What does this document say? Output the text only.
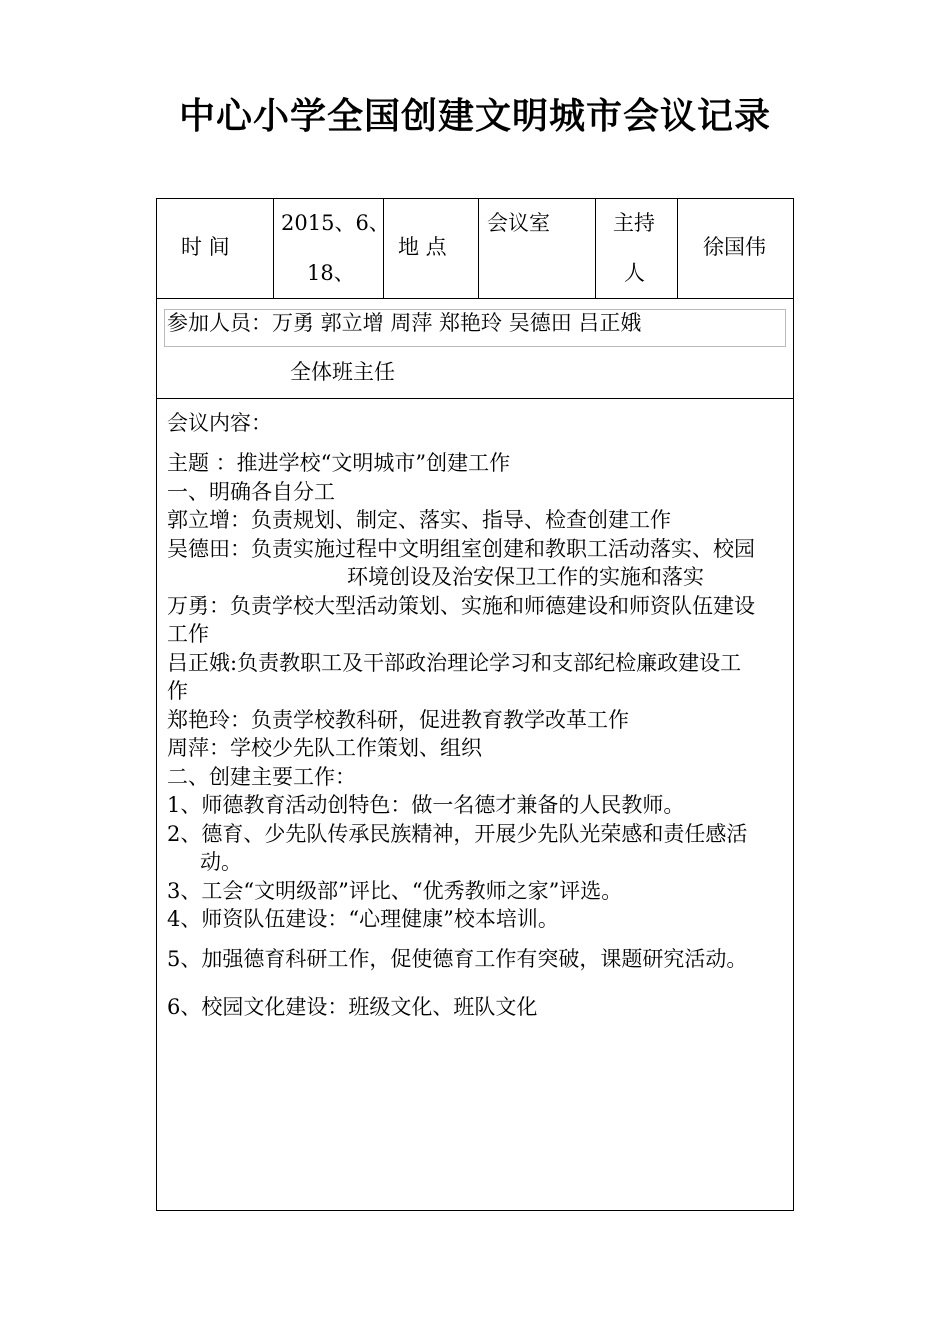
中心小学全国创建文明城市会议记录
时 间
2015、6、
18、
地 点
会议室	主持
人
徐国伟
参加人员：万勇 郭立增 周萍 郑艳玲 吴德田 吕正娥
全体班主任
会议内容：
主题 ：推进学校“文明城市”创建工作
一、明确各自分工
郭立增：负责规划、制定、落实、指导、检查创建工作
吴德田：负责实施过程中文明组室创建和教职工活动落实、校园
环境创设及治安保卫工作的实施和落实
万勇：负责学校大型活动策划、实施和师德建设和师资队伍建设
工作
吕正娥:负责教职工及干部政治理论学习和支部纪检廉政建设工
作
郑艳玲：负责学校教科研，促进教育教学改革工作
周萍：学校少先队工作策划、组织
二、创建主要工作：
1、师德教育活动创特色：做一名德才兼备的人民教师。
2、德育、少先队传承民族精神，开展少先队光荣感和责任感活
动。
3、工会“文明级部”评比、“优秀教师之家”评选。
4、师资队伍建设：“心理健康”校本培训。
5、加强德育科研工作，促使德育工作有突破，课题研究活动。
6、校园文化建设：班级文化、班队文化
